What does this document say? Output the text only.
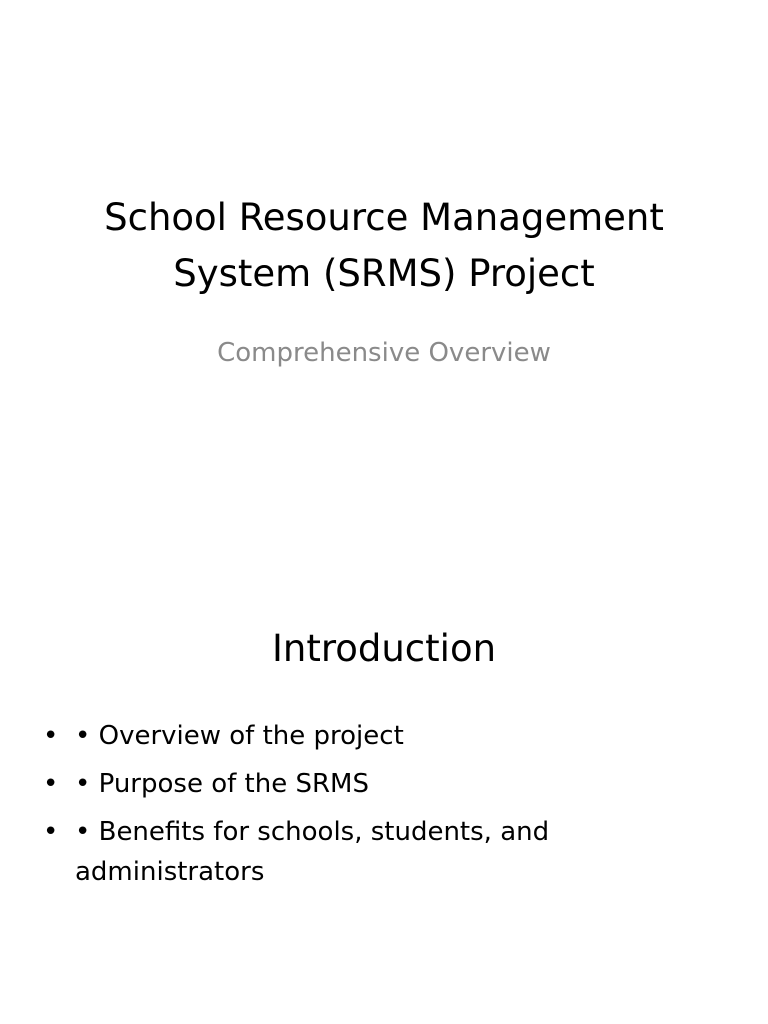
School Resource Management System (SRMS) Project

Comprehensive Overview

Introduction
• • Overview of the project
• • Purpose of the SRMS
• • Benefits for schools, students, and administrators
